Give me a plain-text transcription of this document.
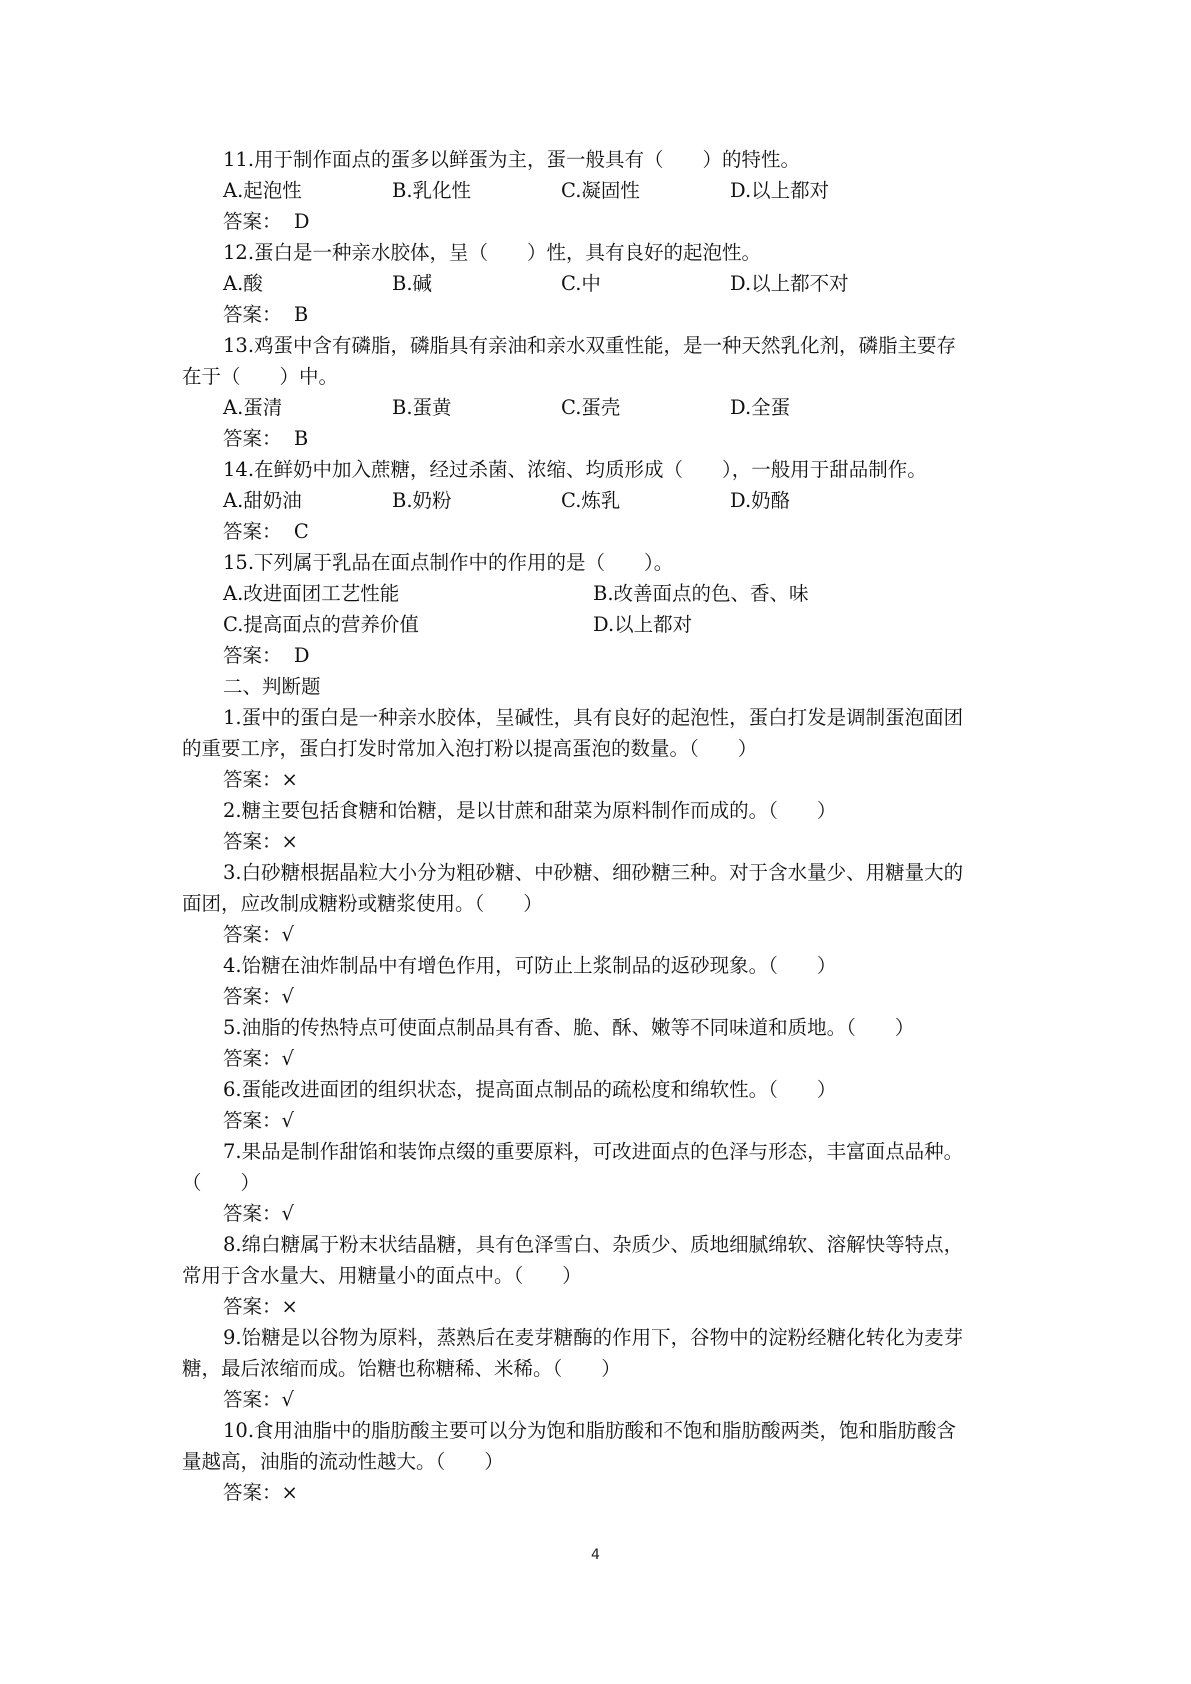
11.用于制作面点的蛋多以鲜蛋为主，蛋一般具有（　　）的特性。
A.起泡性	B.乳化性	C.凝固性	D.以上都对
答案：  D
12.蛋白是一种亲水胶体，呈（　　）性，具有良好的起泡性。
A.酸	B.碱	C.中	D.以上都不对
答案：  B
13.鸡蛋中含有磷脂，磷脂具有亲油和亲水双重性能，是一种天然乳化剂，磷脂主要存
在于（　　）中。
A.蛋清	B.蛋黄	C.蛋壳	D.全蛋
答案：  B
14.在鲜奶中加入蔗糖，经过杀菌、浓缩、均质形成（　　），一般用于甜品制作。
A.甜奶油	B.奶粉	C.炼乳	D.奶酪
答案：  C
15.下列属于乳品在面点制作中的作用的是（　　）。
A.改进面团工艺性能	B.改善面点的色、香、味
C.提高面点的营养价值	D.以上都对
答案：  D
二、判断题
1.蛋中的蛋白是一种亲水胶体，呈碱性，具有良好的起泡性，蛋白打发是调制蛋泡面团
的重要工序，蛋白打发时常加入泡打粉以提高蛋泡的数量。（　　）
答案：×
2.糖主要包括食糖和饴糖，是以甘蔗和甜菜为原料制作而成的。（　　）
答案：×
3.白砂糖根据晶粒大小分为粗砂糖、中砂糖、细砂糖三种。对于含水量少、用糖量大的
面团，应改制成糖粉或糖浆使用。（　　）
答案：√
4.饴糖在油炸制品中有增色作用，可防止上浆制品的返砂现象。（　　）
答案：√
5.油脂的传热特点可使面点制品具有香、脆、酥、嫩等不同味道和质地。（　　）
答案：√
6.蛋能改进面团的组织状态，提高面点制品的疏松度和绵软性。（　　）
答案：√
7.果品是制作甜馅和装饰点缀的重要原料，可改进面点的色泽与形态，丰富面点品种。
（　　）
答案：√
8.绵白糖属于粉末状结晶糖，具有色泽雪白、杂质少、质地细腻绵软、溶解快等特点，
常用于含水量大、用糖量小的面点中。（　　）
答案：×
9.饴糖是以谷物为原料，蒸熟后在麦芽糖酶的作用下，谷物中的淀粉经糖化转化为麦芽
糖，最后浓缩而成。饴糖也称糖稀、米稀。（　　）
答案：√
10.食用油脂中的脂肪酸主要可以分为饱和脂肪酸和不饱和脂肪酸两类，饱和脂肪酸含
量越高，油脂的流动性越大。（　　）
答案：×
4
